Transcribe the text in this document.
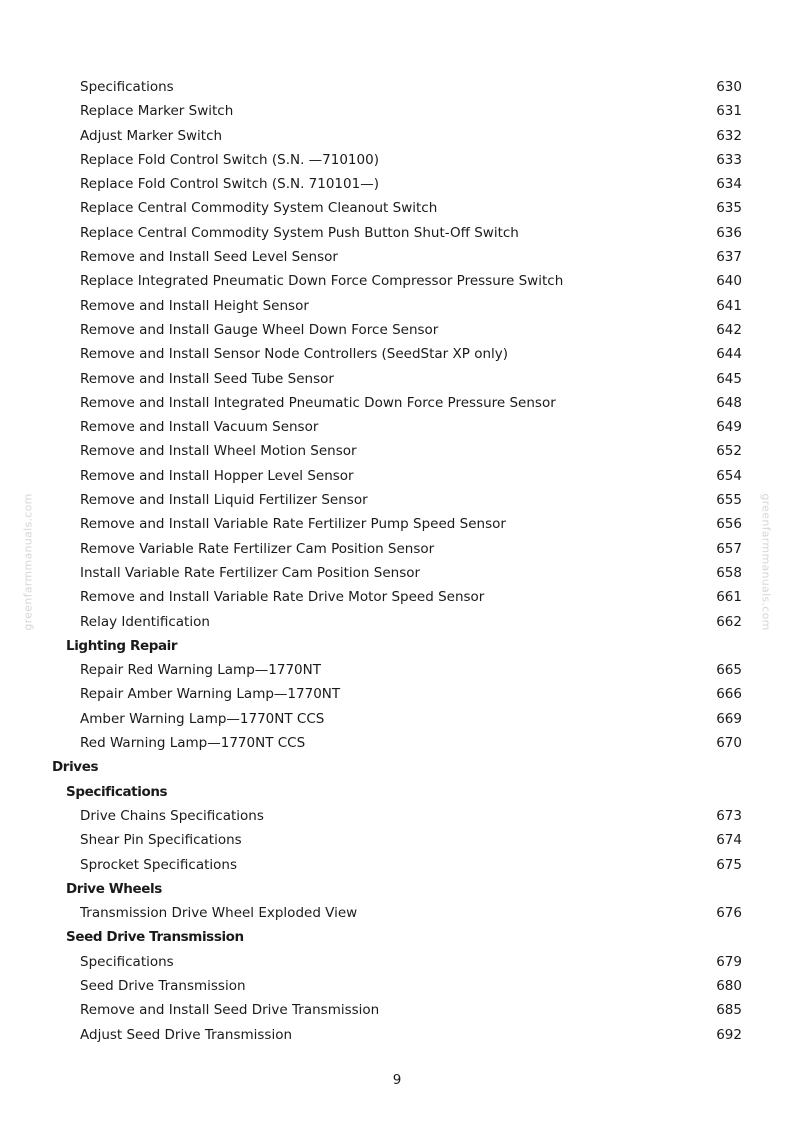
greenfarmmanuals.com	greenfarmmanuals.com
Specifications	630
Replace Marker Switch	631
Adjust Marker Switch	632
Replace Fold Control Switch (S.N. —710100)	633
Replace Fold Control Switch (S.N. 710101—)	634
Replace Central Commodity System Cleanout Switch	635
Replace Central Commodity System Push Button Shut-Off Switch	636
Remove and Install Seed Level Sensor	637
Replace Integrated Pneumatic Down Force Compressor Pressure Switch	640
Remove and Install Height Sensor	641
Remove and Install Gauge Wheel Down Force Sensor	642
Remove and Install Sensor Node Controllers (SeedStar XP only)	644
Remove and Install Seed Tube Sensor	645
Remove and Install Integrated Pneumatic Down Force Pressure Sensor	648
Remove and Install Vacuum Sensor	649
Remove and Install Wheel Motion Sensor	652
Remove and Install Hopper Level Sensor	654
Remove and Install Liquid Fertilizer Sensor	655
Remove and Install Variable Rate Fertilizer Pump Speed Sensor	656
Remove Variable Rate Fertilizer Cam Position Sensor	657
Install Variable Rate Fertilizer Cam Position Sensor	658
Remove and Install Variable Rate Drive Motor Speed Sensor	661
Relay Identification	662
Lighting Repair
Repair Red Warning Lamp—1770NT	665
Repair Amber Warning Lamp—1770NT	666
Amber Warning Lamp—1770NT CCS	669
Red Warning Lamp—1770NT CCS	670
Drives
Specifications
Drive Chains Specifications	673
Shear Pin Specifications	674
Sprocket Specifications	675
Drive Wheels
Transmission Drive Wheel Exploded View	676
Seed Drive Transmission
Specifications	679
Seed Drive Transmission	680
Remove and Install Seed Drive Transmission	685
Adjust Seed Drive Transmission	692
9
